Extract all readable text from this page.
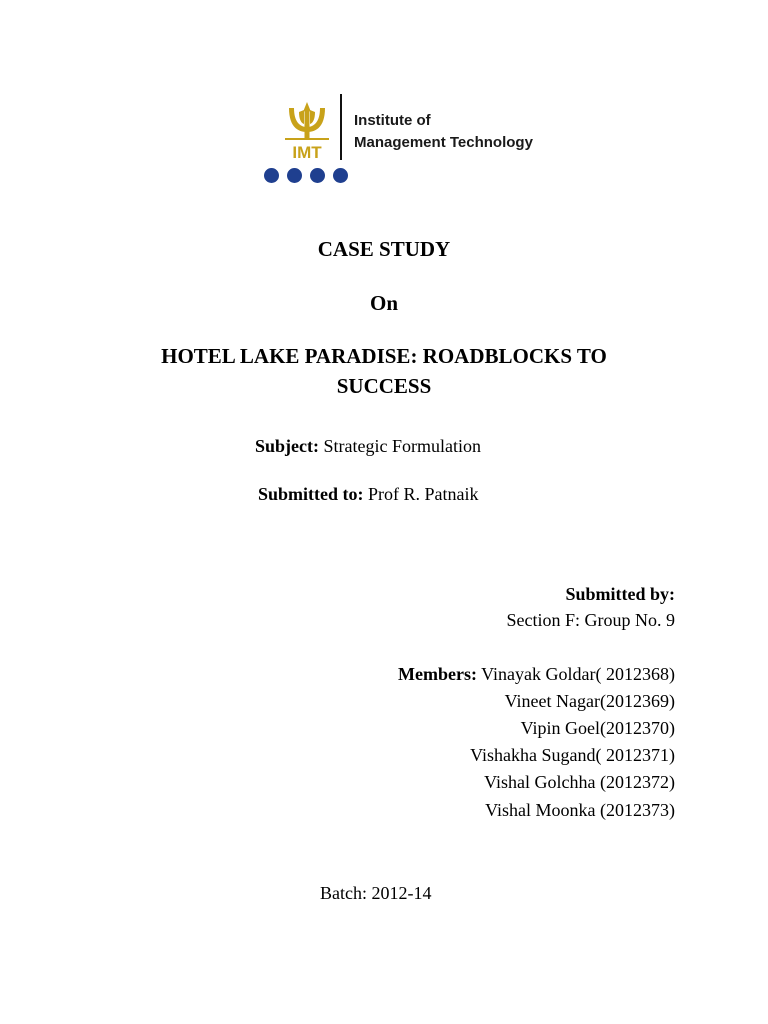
IMT
Institute of
Management Technology
CASE STUDY
On
HOTEL LAKE PARADISE: ROADBLOCKS TO
SUCCESS
Subject: Strategic Formulation
Submitted to: Prof R. Patnaik
Submitted by:
Section F: Group No. 9
Members: Vinayak Goldar( 2012368)
Vineet Nagar(2012369)
Vipin Goel(2012370)
Vishakha Sugand( 2012371)
Vishal Golchha (2012372)
Vishal Moonka (2012373)
Batch: 2012-14
